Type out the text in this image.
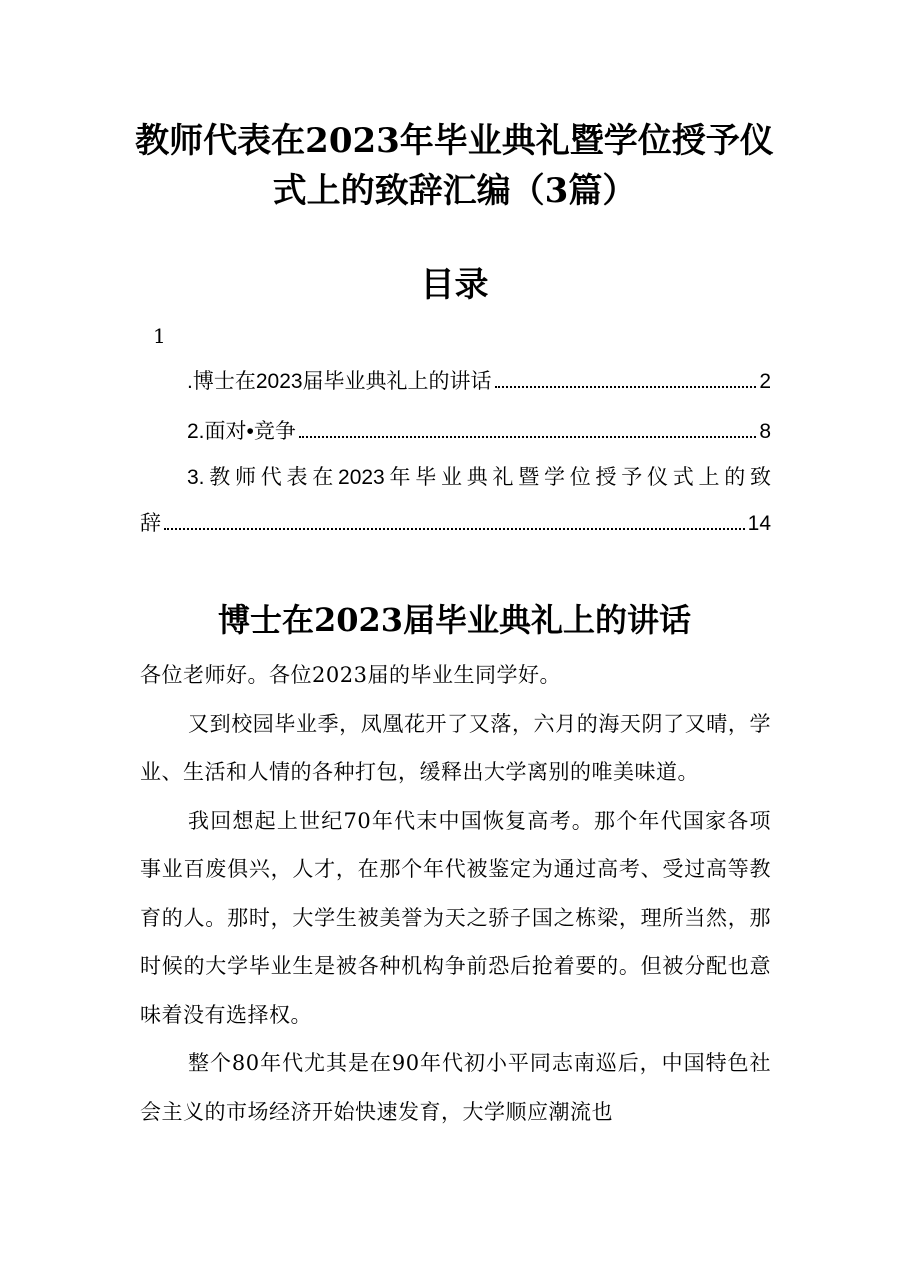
教师代表在2023年毕业典礼暨学位授予仪式上的致辞汇编（3篇）
目录
1
.博士在2023届毕业典礼上的讲话	2
2.面对•竞争	8
3.教师代表在2023年毕业典礼暨学位授予仪式上的致
辞	14
博士在2023届毕业典礼上的讲话

各位老师好。各位2023届的毕业生同学好。

又到校园毕业季，凤凰花开了又落，六月的海天阴了又晴，学业、生活和人情的各种打包，缓释出大学离别的唯美味道。

我回想起上世纪70年代末中国恢复高考。那个年代国家各项事业百废俱兴，人才，在那个年代被鉴定为通过高考、受过高等教育的人。那时，大学生被美誉为天之骄子国之栋梁，理所当然，那时候的大学毕业生是被各种机构争前恐后抢着要的。但被分配也意味着没有选择权。

整个80年代尤其是在90年代初小平同志南巡后，中国特色社会主义的市场经济开始快速发育，大学顺应潮流也
